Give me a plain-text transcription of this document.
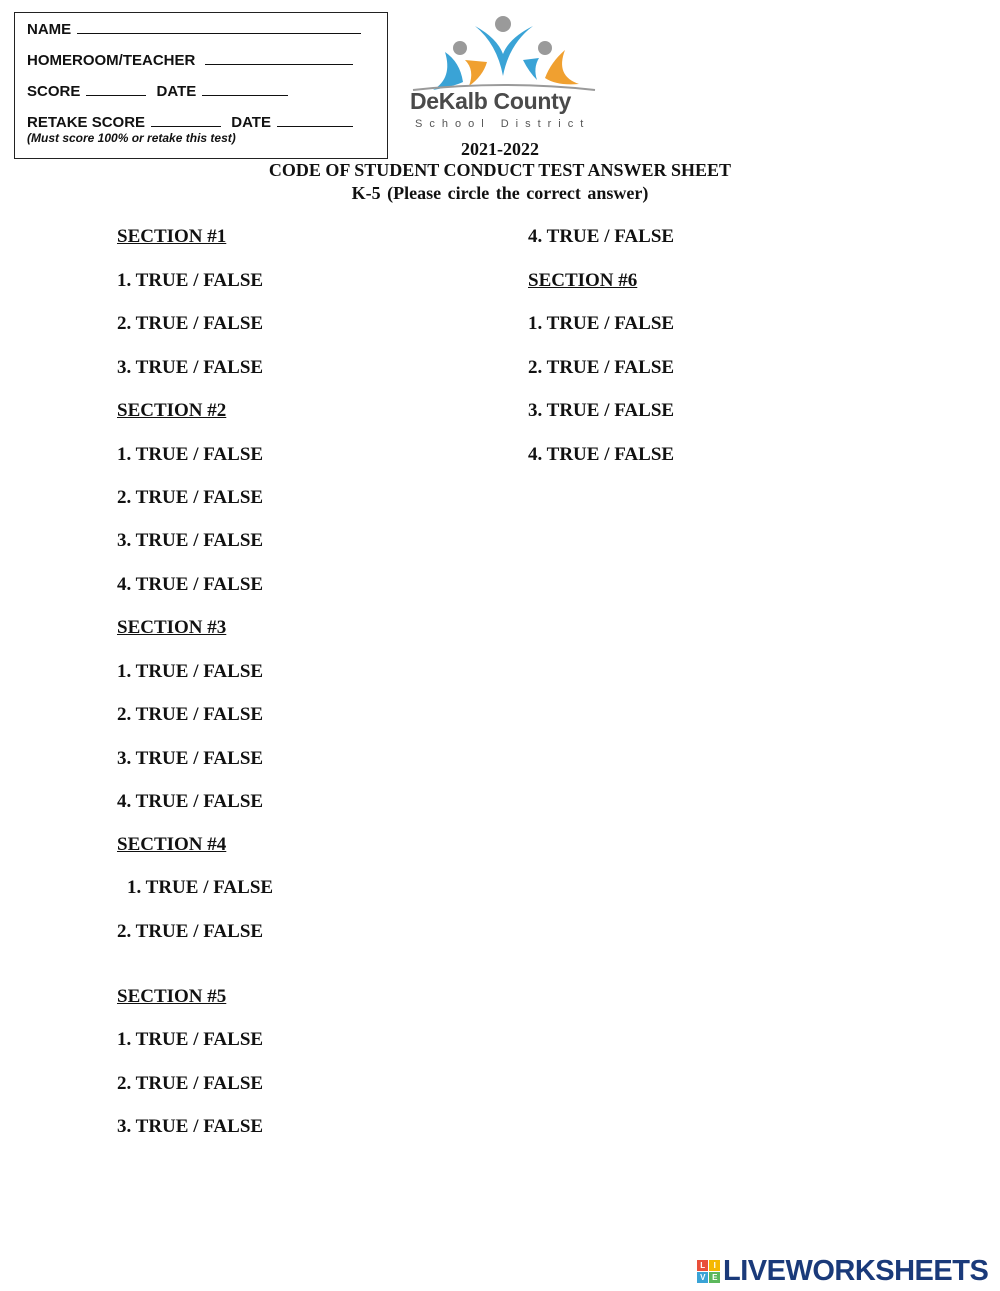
NAME
HOMEROOM/TEACHER
SCORE	DATE
RETAKE SCORE	DATE
(Must score 100% or retake this test)
DeKalb County
School District
2021-2022
CODE OF STUDENT CONDUCT TEST ANSWER SHEET
K-5 (Please circle the correct answer)
SECTION #1
1. TRUE / FALSE
2. TRUE / FALSE
3. TRUE / FALSE
SECTION #2
1. TRUE / FALSE
2. TRUE / FALSE
3. TRUE / FALSE
4. TRUE / FALSE
SECTION #3
1. TRUE / FALSE
2. TRUE / FALSE
3. TRUE / FALSE
4. TRUE / FALSE
SECTION #4
1. TRUE / FALSE
2. TRUE / FALSE
SECTION #5
1. TRUE / FALSE
2. TRUE / FALSE
3. TRUE / FALSE
4. TRUE / FALSE
SECTION #6
1. TRUE / FALSE
2. TRUE / FALSE
3. TRUE / FALSE
4. TRUE / FALSE
L	I
V E LIVEWORKSHEETS
